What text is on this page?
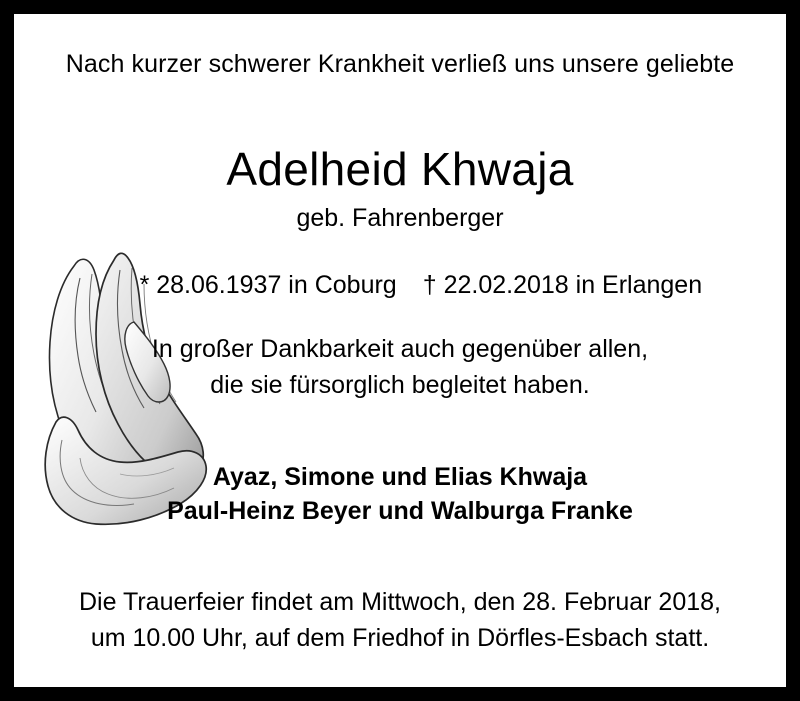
Nach kurzer schwerer Krankheit verließ uns unsere geliebte
Adelheid Khwaja
geb. Fahrenberger

* 28.06.1937 in Coburg † 22.02.2018 in Erlangen

In großer Dankbarkeit auch gegenüber allen,
die sie fürsorglich begleitet haben.
Ayaz, Simone und Elias Khwaja
Paul-Heinz Beyer und Walburga Franke
Die Trauerfeier findet am Mittwoch, den 28. Februar 2018,
um 10.00 Uhr, auf dem Friedhof in Dörfles-Esbach statt.
